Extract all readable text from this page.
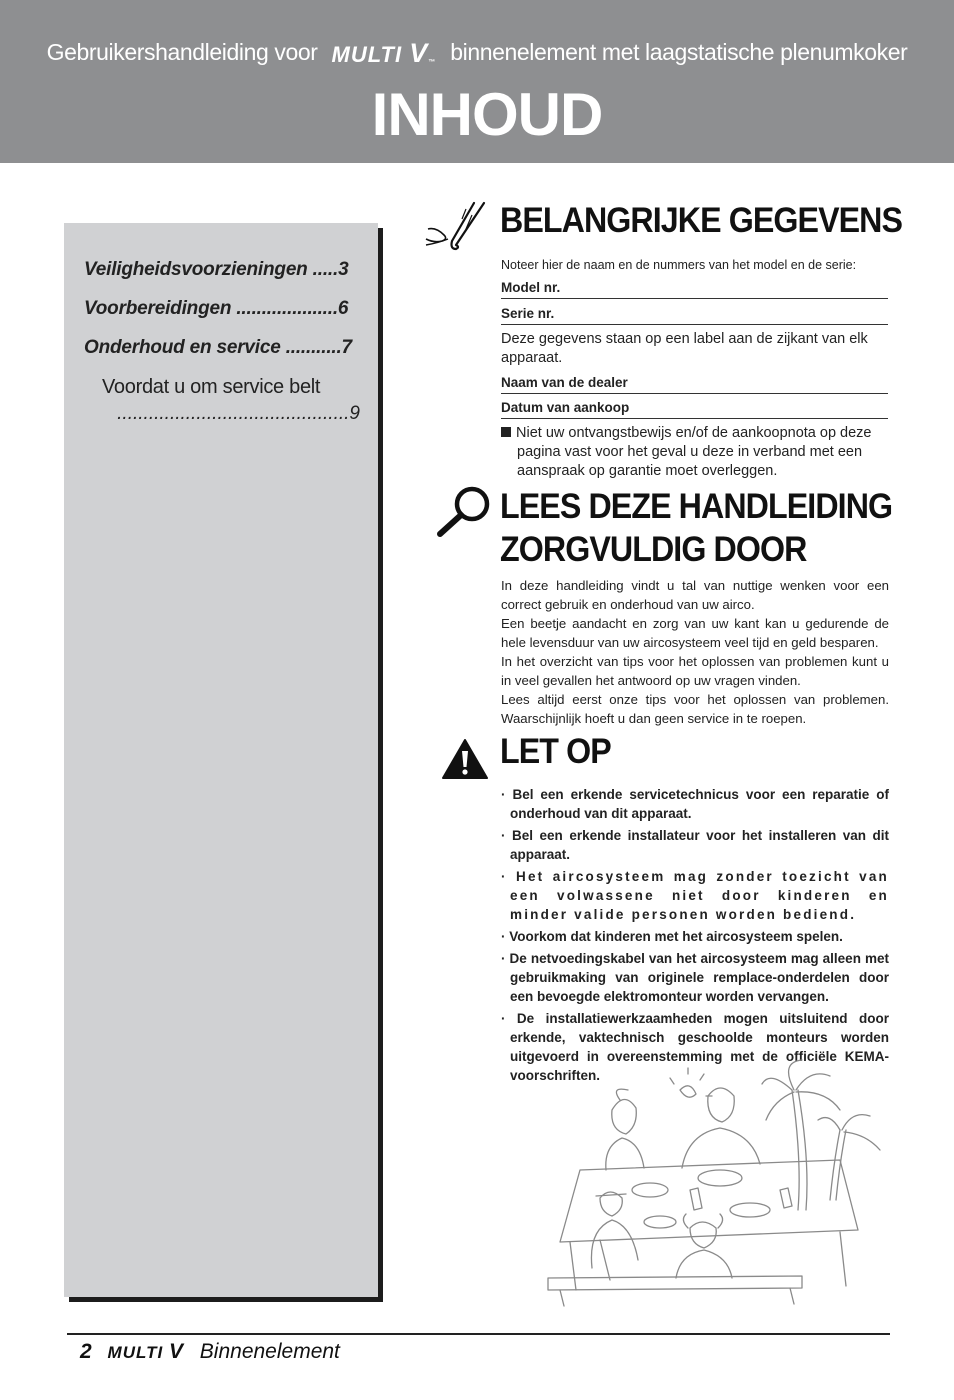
Gebruikershandleiding voor MULTI V™ binnenelement met laagstatische plenumkoker
INHOUD
Veiligheidsvoorzieningen .....3
Voorbereidingen ....................6
Onderhoud en service ...........7
Voordat u om service belt
............................................9
BELANGRIJKE GEGEVENS
Noteer hier de naam en de nummers van het model en de serie:
Model nr.
Serie nr.
Deze gegevens staan op een label aan de zijkant van elk apparaat.
Naam van de dealer
Datum van aankoop
Niet uw ontvangstbewijs en/of de aankoopnota op deze pagina vast voor het geval u deze in verband met een aanspraak op garantie moet overleggen.
LEES DEZE HANDLEIDING
ZORGVULDIG DOOR
In deze handleiding vindt u tal van nuttige wenken voor een correct gebruik en onderhoud van uw airco.
Een beetje aandacht en zorg van uw kant kan u gedurende de hele levensduur van uw aircosysteem veel tijd en geld besparen.
In het overzicht van tips voor het oplossen van problemen kunt u in veel gevallen het antwoord op uw vragen vinden.
Lees altijd eerst onze tips voor het oplossen van problemen. Waarschijnlijk hoeft u dan geen service in te roepen.
LET OP
· Bel een erkende servicetechnicus voor een reparatie of onderhoud van dit apparaat.
· Bel een erkende installateur voor het installeren van dit apparaat.
· Het aircosysteem mag zonder toezicht van een volwassene niet door kinderen en minder valide personen worden bediend.
· Voorkom dat kinderen met het aircosysteem spelen.
· De netvoedingskabel van het aircosysteem mag alleen met gebruikmaking van originele remplace-onderdelen door een bevoegde elektromonteur worden vervangen.
· De installatiewerkzaamheden mogen uitsluitend door erkende, vaktechnisch geschoolde monteurs worden uitgevoerd in overeenstemming met de officiële KEMA-voorschriften.
2 MULTI V Binnenelement
